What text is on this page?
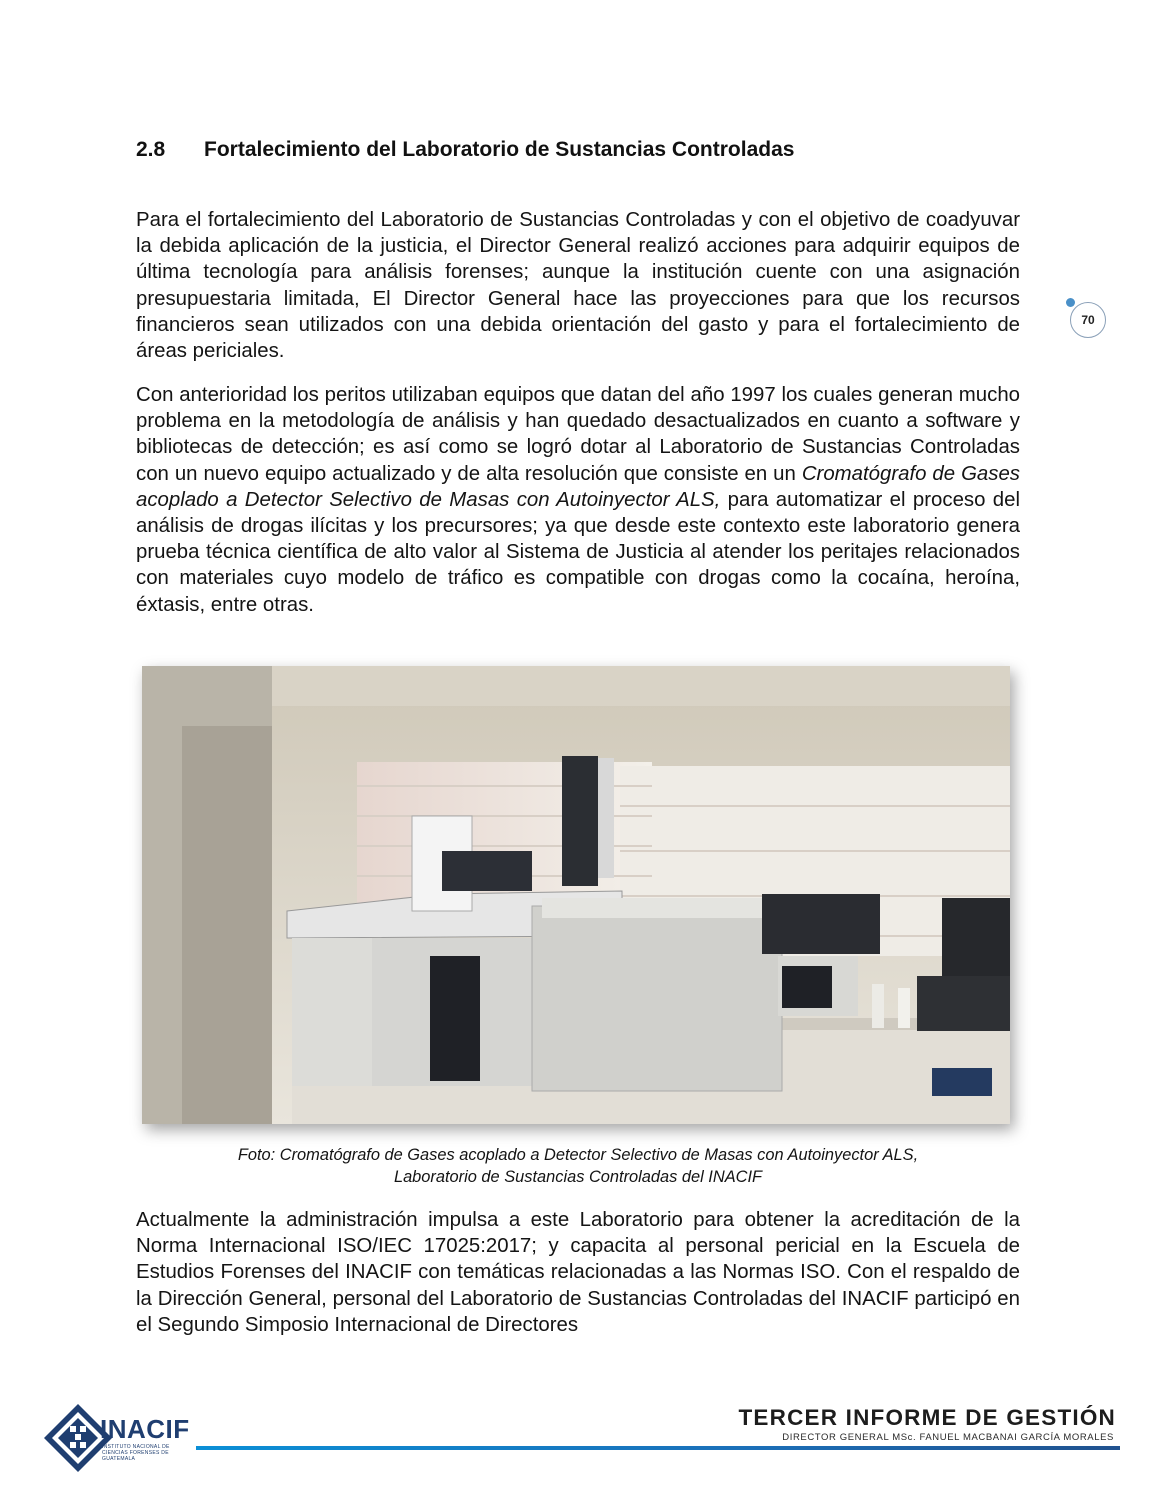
2.8 Fortalecimiento del Laboratorio de Sustancias Controladas

Para el fortalecimiento del Laboratorio de Sustancias Controladas y con el objetivo de coadyuvar la debida aplicación de la justicia, el Director General realizó acciones para adquirir equipos de última tecnología para análisis forenses; aunque la institución cuente con una asignación presupuestaria limitada, El Director General hace las proyecciones para que los recursos financieros sean utilizados con una debida orientación del gasto y para el fortalecimiento de áreas periciales.

70

Con anterioridad los peritos utilizaban equipos que datan del año 1997 los cuales generan mucho problema en la metodología de análisis y han quedado desactualizados en cuanto a software y bibliotecas de detección; es así como se logró dotar al Laboratorio de Sustancias Controladas con un nuevo equipo actualizado y de alta resolución que consiste en un Cromatógrafo de Gases acoplado a Detector Selectivo de Masas con Autoinyector ALS, para automatizar el proceso del análisis de drogas ilícitas y los precursores; ya que desde este contexto este laboratorio genera prueba técnica científica de alto valor al Sistema de Justicia al atender los peritajes relacionados con materiales cuyo modelo de tráfico es compatible con drogas como la cocaína, heroína, éxtasis, entre otras.

Foto: Cromatógrafo de Gases acoplado a Detector Selectivo de Masas con Autoinyector ALS,
Laboratorio de Sustancias Controladas del INACIF

Actualmente la administración impulsa a este Laboratorio para obtener la acreditación de la Norma Internacional ISO/IEC 17025:2017; y capacita al personal pericial en la Escuela de Estudios Forenses del INACIF con temáticas relacionadas a las Normas ISO. Con el respaldo de la Dirección General, personal del Laboratorio de Sustancias Controladas del INACIF participó en el Segundo Simposio Internacional de Directores

INACIF
INSTITUTO NACIONAL DE CIENCIAS FORENSES DE GUATEMALA
TERCER INFORME DE GESTIÓN
DIRECTOR GENERAL MSc. FANUEL MACBANAI GARCÍA MORALES
